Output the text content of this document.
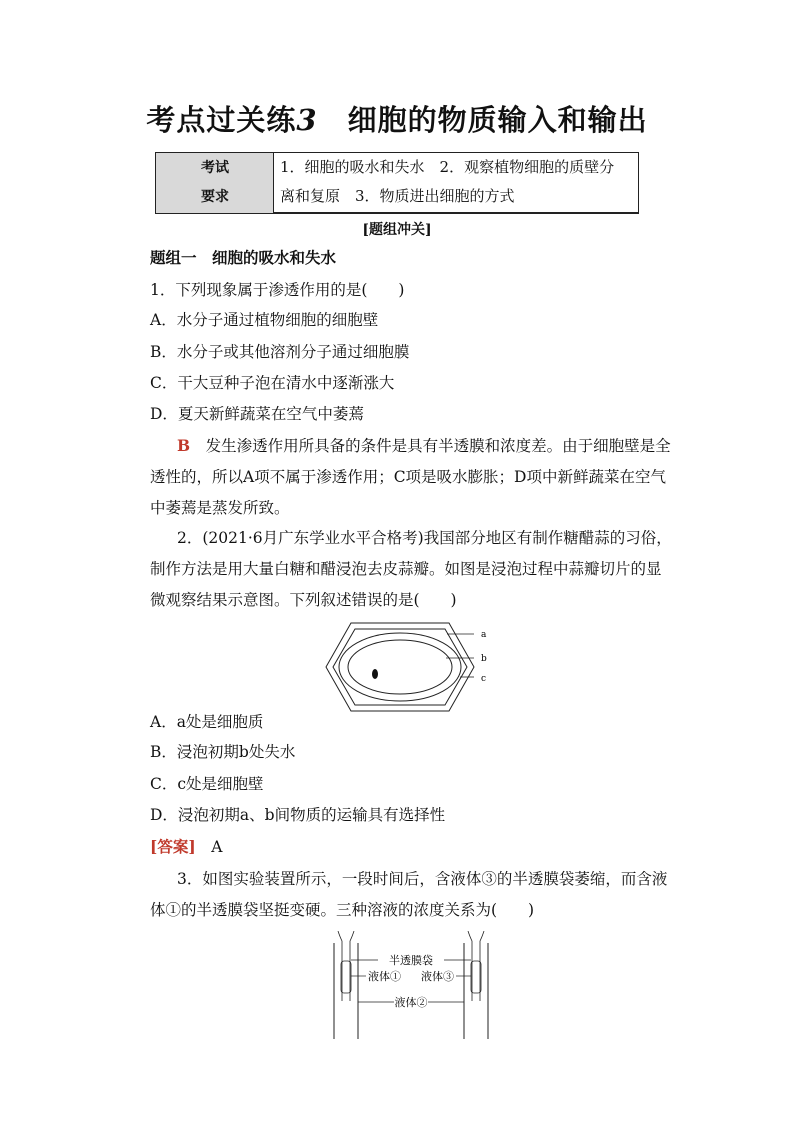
考点过关练3　 细胞的物质输入和输出
考试
要求
1．细胞的吸水和失水　2．观察植物细胞的质壁分
离和复原　3．物质进出细胞的方式
[题组冲关]
题组一　细胞的吸水和失水
1．下列现象属于渗透作用的是(　　)
A．水分子通过植物细胞的细胞壁
B．水分子或其他溶剂分子通过细胞膜
C．干大豆种子泡在清水中逐渐涨大
D．夏天新鲜蔬菜在空气中萎蔫
B　 发生渗透作用所具备的条件是具有半透膜和浓度差。由于细胞壁是全透性的，所以A项不属于渗透作用；C项是吸水膨胀；D项中新鲜蔬菜在空气中萎蔫是蒸发所致。
2．(2021·6月广东学业水平合格考)我国部分地区有制作糖醋蒜的习俗，制作方法是用大量白糖和醋浸泡去皮蒜瓣。如图是浸泡过程中蒜瓣切片的显微观察结果示意图。下列叙述错误的是(　　)
a
b
c
A．a处是细胞质
B．浸泡初期b处失水
C．c处是细胞壁
D．浸泡初期a、b间物质的运输具有选择性
[答案]　 A
3．如图实验装置所示，一段时间后，含液体③的半透膜袋萎缩，而含液体①的半透膜袋坚挺变硬。三种溶液的浓度关系为(　　)
半透膜袋
液体① 液体③
液体②
